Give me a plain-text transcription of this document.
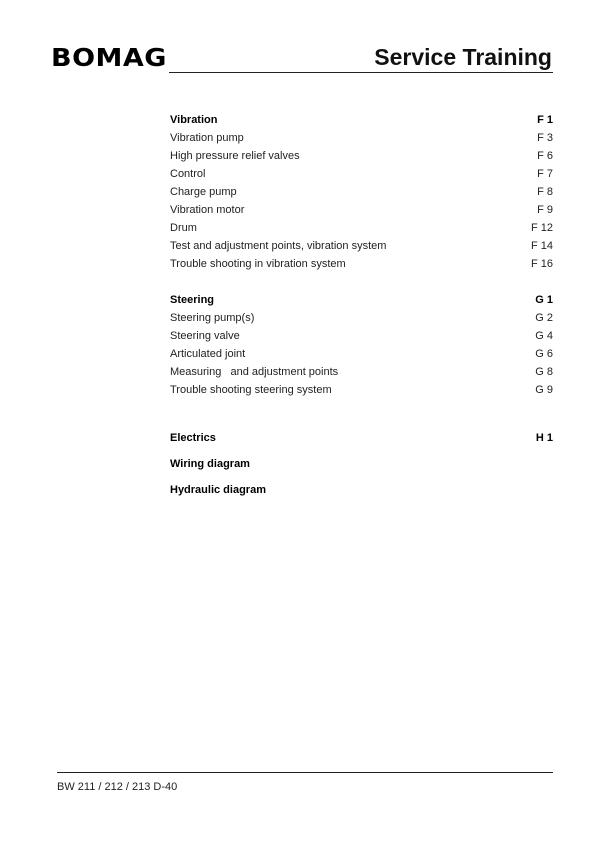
BOMAG	Service Training
Vibration	F 1
Vibration pump	F 3
High pressure relief valves	F 6
Control	F 7
Charge pump	F 8
Vibration motor	F 9
Drum	F 12
Test and adjustment points, vibration system	F 14
Trouble shooting in vibration system	F 16
Steering	G 1
Steering pump(s)	G 2
Steering valve	G 4
Articulated joint	G 6
Measuring   and adjustment points	G 8
Trouble shooting steering system	G 9
Electrics	H 1
Wiring diagram
Hydraulic diagram
BW 211 / 212 / 213 D-40
